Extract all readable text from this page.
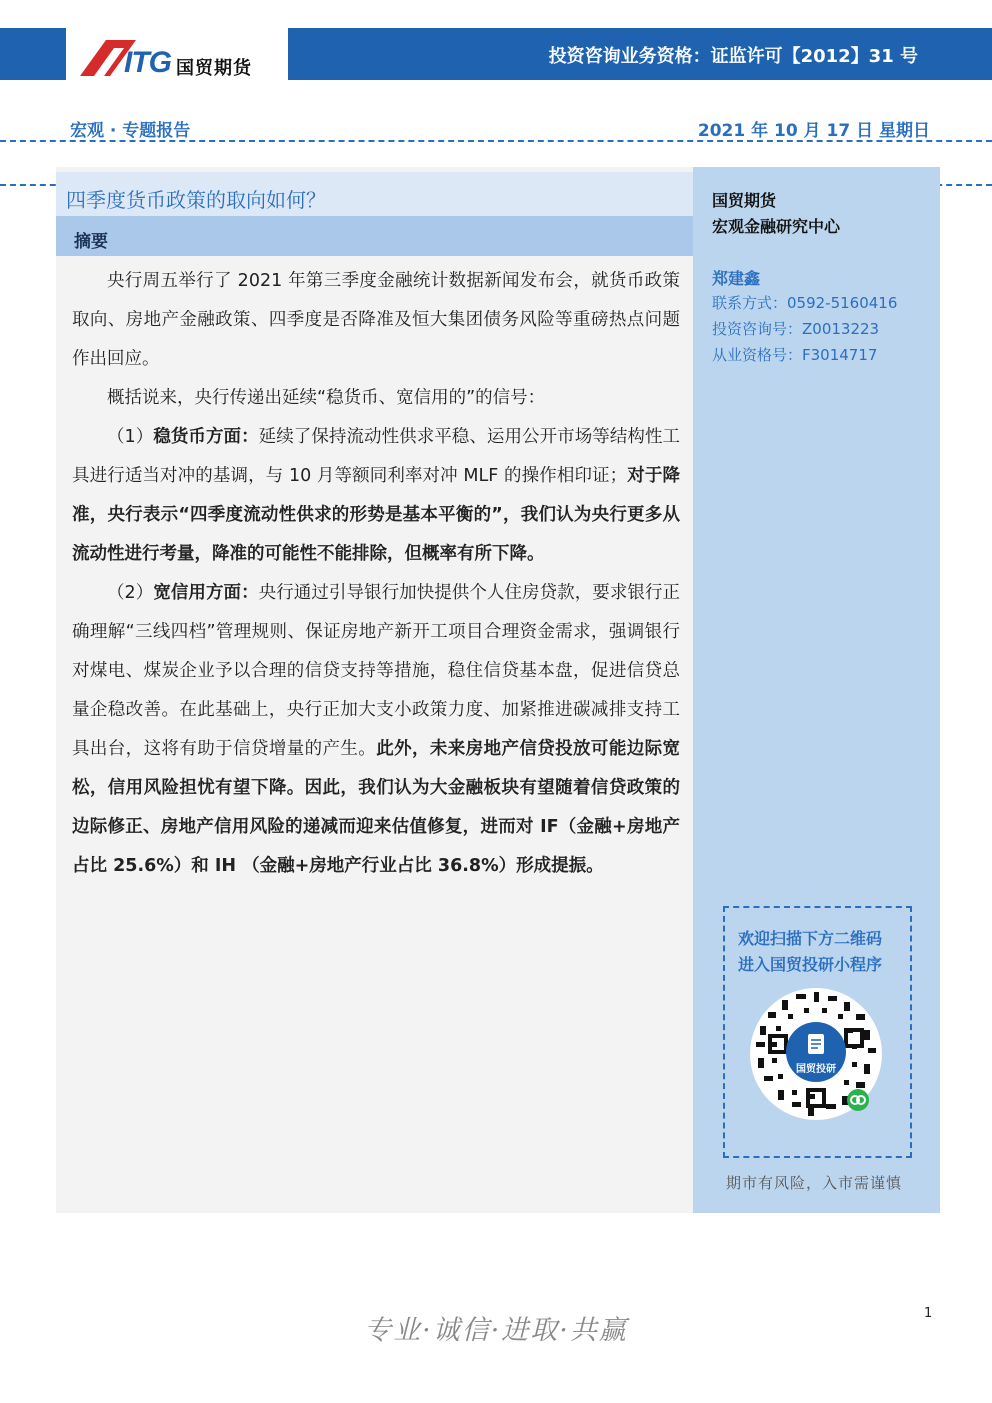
ITG 国贸期货
投资咨询业务资格：证监许可【2012】31 号
宏观 · 专题报告	2021 年 10 月 17 日 星期日
四季度货币政策的取向如何？
摘要

央行周五举行了 2021 年第三季度金融统计数据新闻发布会，就货币政策取向、房地产金融政策、四季度是否降准及恒大集团债务风险等重磅热点问题作出回应。

概括说来，央行传递出延续“稳货币、宽信用的”的信号：

（1）稳货币方面：延续了保持流动性供求平稳、运用公开市场等结构性工具进行适当对冲的基调，与 10 月等额同利率对冲 MLF 的操作相印证；对于降准，央行表示“四季度流动性供求的形势是基本平衡的”，我们认为央行更多从流动性进行考量，降准的可能性不能排除，但概率有所下降。

（2）宽信用方面：央行通过引导银行加快提供个人住房贷款，要求银行正确理解“三线四档”管理规则、保证房地产新开工项目合理资金需求，强调银行对煤电、煤炭企业予以合理的信贷支持等措施，稳住信贷基本盘，促进信贷总量企稳改善。在此基础上，央行正加大支小政策力度、加紧推进碳减排支持工具出台，这将有助于信贷增量的产生。此外，未来房地产信贷投放可能边际宽松，信用风险担忧有望下降。因此，我们认为大金融板块有望随着信贷政策的边际修正、房地产信用风险的递减而迎来估值修复，进而对 IF（金融+房地产占比 25.6%）和 IH （金融+房地产行业占比 36.8%）形成提振。

国贸期货
宏观金融研究中心
郑建鑫
联系方式：0592-5160416
投资咨询号：Z0013223
从业资格号：F3014717
欢迎扫描下方二维码
进入国贸投研小程序
国贸投研
期市有风险，入市需谨慎
专业·诚信·进取·共赢
1
